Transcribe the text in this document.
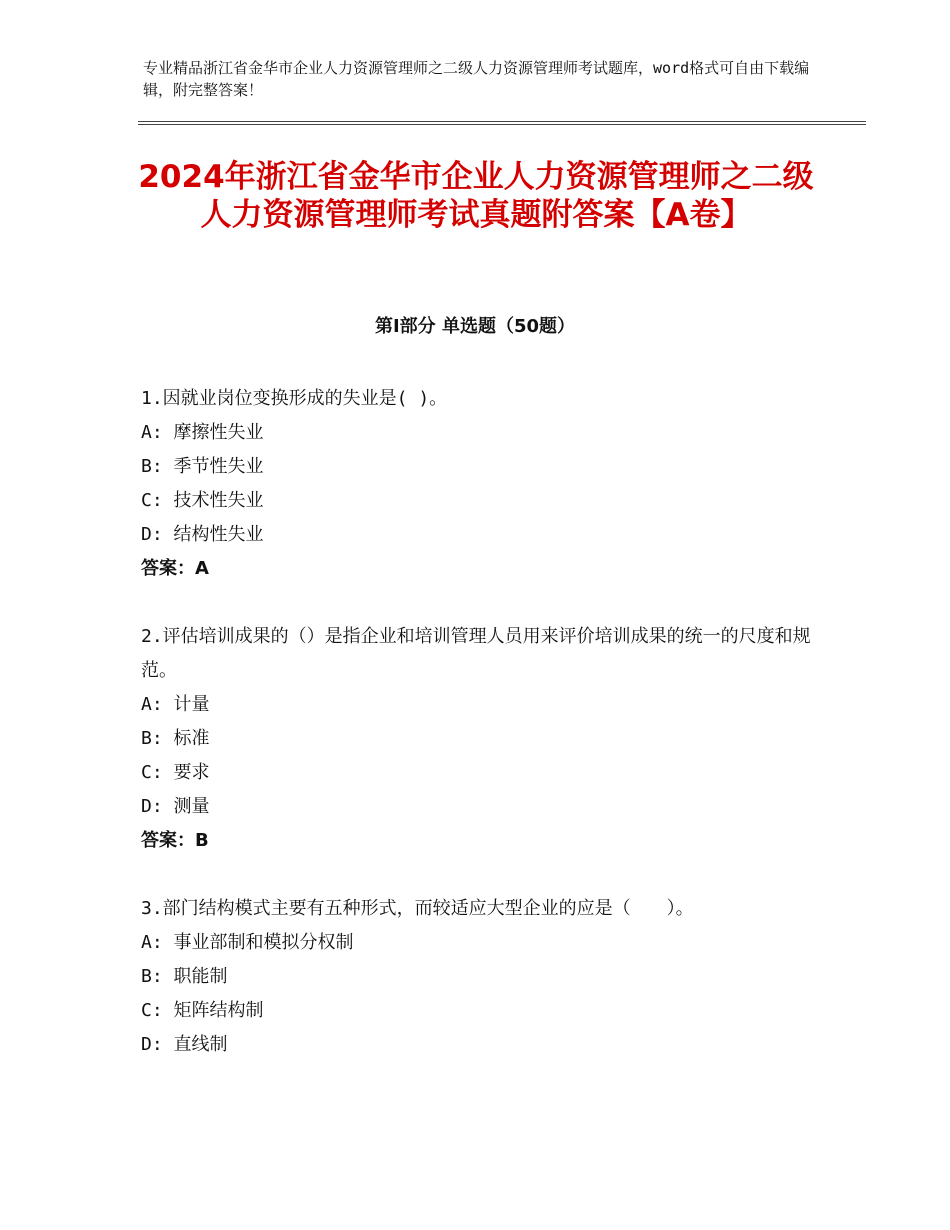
专业精品浙江省金华市企业人力资源管理师之二级人力资源管理师考试题库，word格式可自由下载编辑，附完整答案！
2024年浙江省金华市企业人力资源管理师之二级人力资源管理师考试真题附答案【A卷】
第Ⅰ部分 单选题（50题）
1.因就业岗位变换形成的失业是( )。
A: 摩擦性失业
B: 季节性失业
C: 技术性失业
D: 结构性失业
答案：A
2.评估培训成果的（）是指企业和培训管理人员用来评价培训成果的统一的尺度和规范。
A: 计量
B: 标准
C: 要求
D: 测量
答案：B
3.部门结构模式主要有五种形式，而较适应大型企业的应是（　　）。
A: 事业部制和模拟分权制
B: 职能制
C: 矩阵结构制
D: 直线制
